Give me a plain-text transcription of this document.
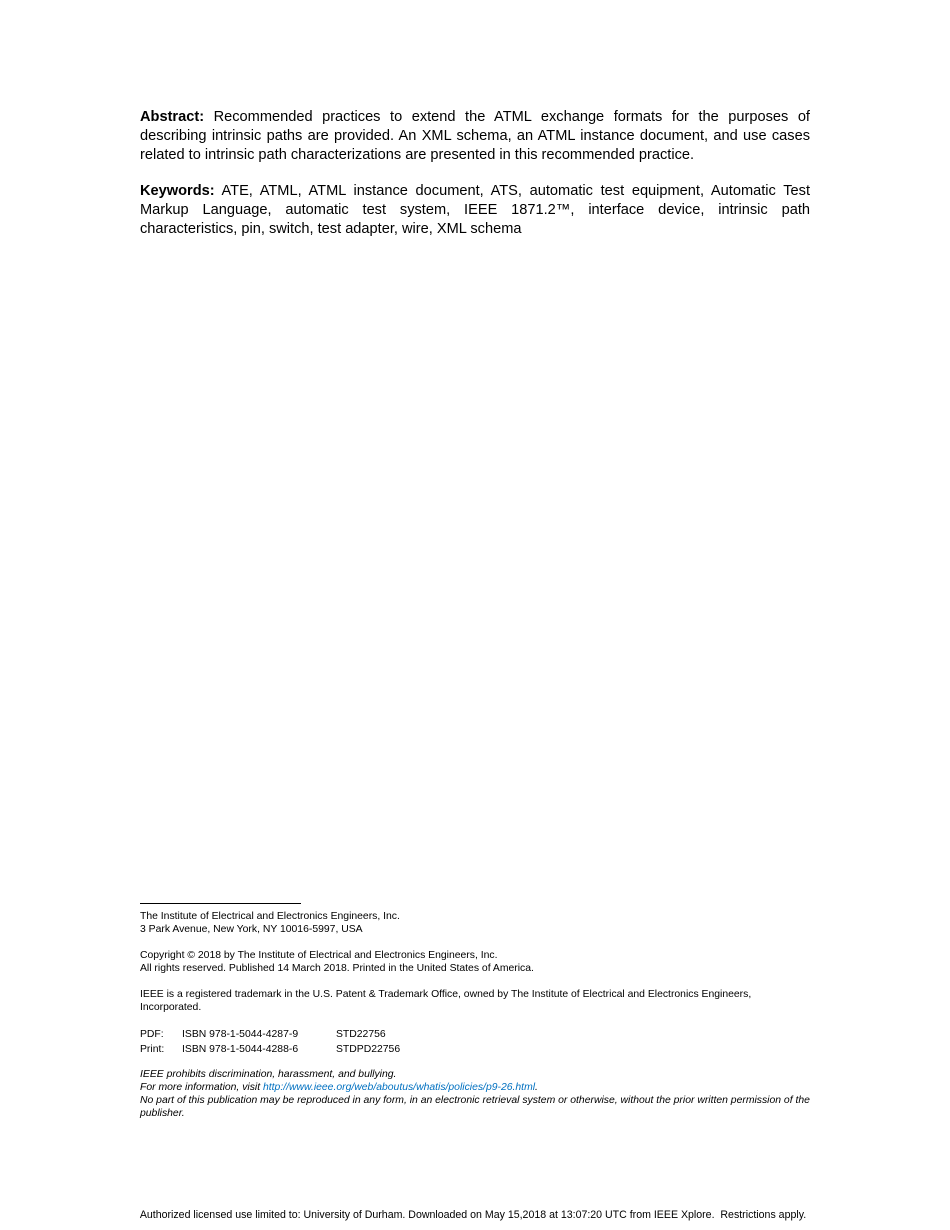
Abstract: Recommended practices to extend the ATML exchange formats for the purposes of describing intrinsic paths are provided. An XML schema, an ATML instance document, and use cases related to intrinsic path characterizations are presented in this recommended practice.

Keywords: ATE, ATML, ATML instance document, ATS, automatic test equipment, Automatic Test Markup Language, automatic test system, IEEE 1871.2™, interface device, intrinsic path characteristics, pin, switch, test adapter, wire, XML schema

The Institute of Electrical and Electronics Engineers, Inc.
3 Park Avenue, New York, NY 10016-5997, USA
Copyright © 2018 by The Institute of Electrical and Electronics Engineers, Inc.
All rights reserved. Published 14 March 2018. Printed in the United States of America.
IEEE is a registered trademark in the U.S. Patent & Trademark Office, owned by The Institute of Electrical and Electronics Engineers, Incorporated.
PDF:	ISBN 978-1-5044-4287-9	STD22756
Print:	ISBN 978-1-5044-4288-6	STDPD22756
IEEE prohibits discrimination, harassment, and bullying.
For more information, visit http://www.ieee.org/web/aboutus/whatis/policies/p9-26.html.
No part of this publication may be reproduced in any form, in an electronic retrieval system or otherwise, without the prior written permission of the publisher.
Authorized licensed use limited to: University of Durham. Downloaded on May 15,2018 at 13:07:20 UTC from IEEE Xplore.  Restrictions apply.
